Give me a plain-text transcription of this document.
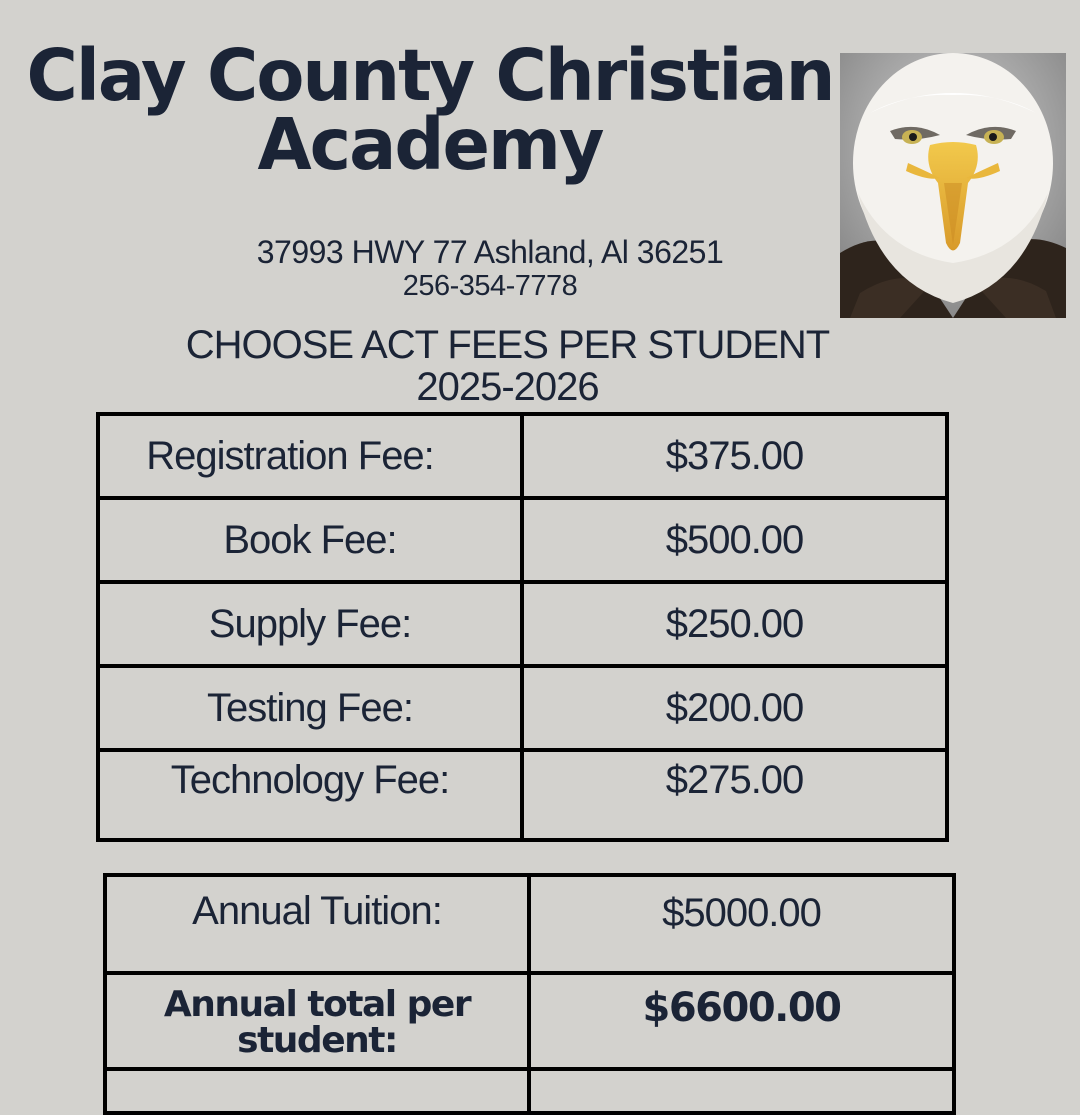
Clay County Christian
Academy
37993 HWY 77 Ashland, Al 36251
256-354-7778
CHOOSE ACT FEES PER STUDENT
2025-2026
Registration Fee:	$375.00
Book Fee:	$500.00
Supply Fee:	$250.00
Testing Fee:	$200.00
Technology Fee:	$275.00
Annual Tuition:	$5000.00
Annual total per student:	$6600.00
